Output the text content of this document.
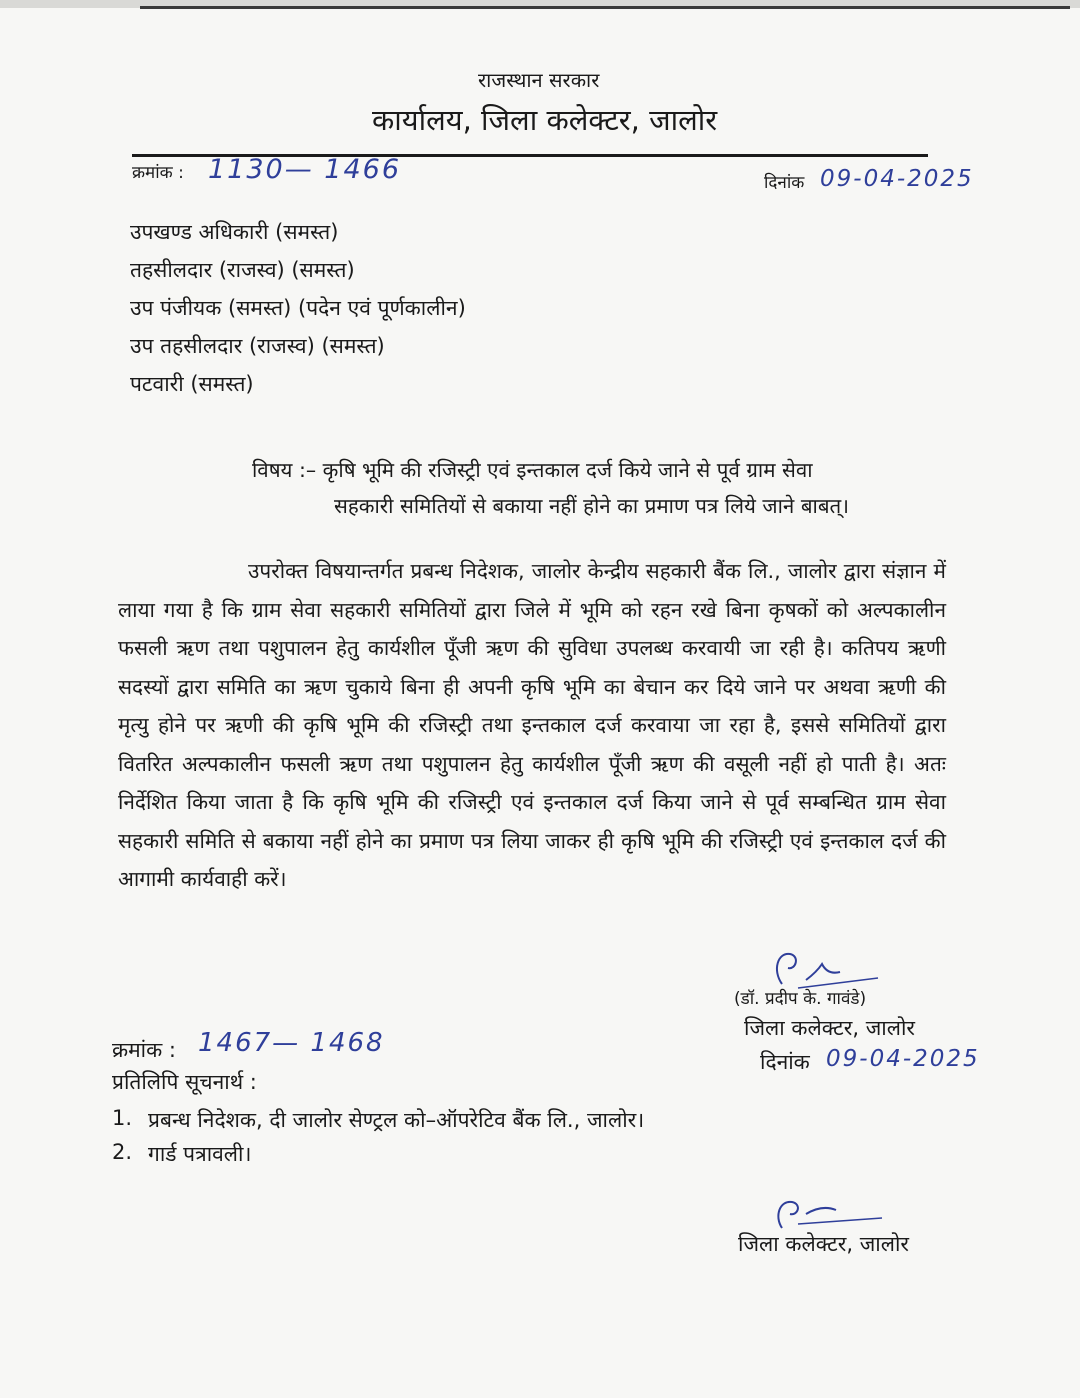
राजस्थान सरकार
कार्यालय, जिला कलेक्टर, जालोर
क्रमांक : 1130— 1466	दिनांक 09-04-2025
उपखण्ड अधिकारी (समस्त)
तहसीलदार (राजस्व) (समस्त)
उप पंजीयक (समस्त) (पदेन एवं पूर्णकालीन)
उप तहसीलदार (राजस्व) (समस्त)
पटवारी (समस्त)
विषय :– कृषि भूमि की रजिस्ट्री एवं इन्तकाल दर्ज किये जाने से पूर्व ग्राम सेवा
सहकारी समितियों से बकाया नहीं होने का प्रमाण पत्र लिये जाने बाबत्।
उपरोक्त विषयान्तर्गत प्रबन्ध निदेशक, जालोर केन्द्रीय सहकारी बैंक लि., जालोर द्वारा संज्ञान में लाया गया है कि ग्राम सेवा सहकारी समितियों द्वारा जिले में भूमि को रहन रखे बिना कृषकों को अल्पकालीन फसली ऋण तथा पशुपालन हेतु कार्यशील पूँजी ऋण की सुविधा उपलब्ध करवायी जा रही है। कतिपय ऋणी सदस्यों द्वारा समिति का ऋण चुकाये बिना ही अपनी कृषि भूमि का बेचान कर दिये जाने पर अथवा ऋणी की मृत्यु होने पर ऋणी की कृषि भूमि की रजिस्ट्री तथा इन्तकाल दर्ज करवाया जा रहा है, इससे समितियों द्वारा वितरित अल्पकालीन फसली ऋण तथा पशुपालन हेतु कार्यशील पूँजी ऋण की वसूली नहीं हो पाती है। अतः निर्देशित किया जाता है कि कृषि भूमि की रजिस्ट्री एवं इन्तकाल दर्ज किया जाने से पूर्व सम्बन्धित ग्राम सेवा सहकारी समिति से बकाया नहीं होने का प्रमाण पत्र लिया जाकर ही कृषि भूमि की रजिस्ट्री एवं इन्तकाल दर्ज की आगामी कार्यवाही करें।
(डॉ. प्रदीप के. गावंडे)
जिला कलेक्टर, जालोर
दिनांक 09-04-2025
क्रमांक : 1467— 1468
प्रतिलिपि सूचनार्थ :
1. प्रबन्ध निदेशक, दी जालोर सेण्ट्रल को–ऑपरेटिव बैंक लि., जालोर।
2. गार्ड पत्रावली।
जिला कलेक्टर, जालोर
